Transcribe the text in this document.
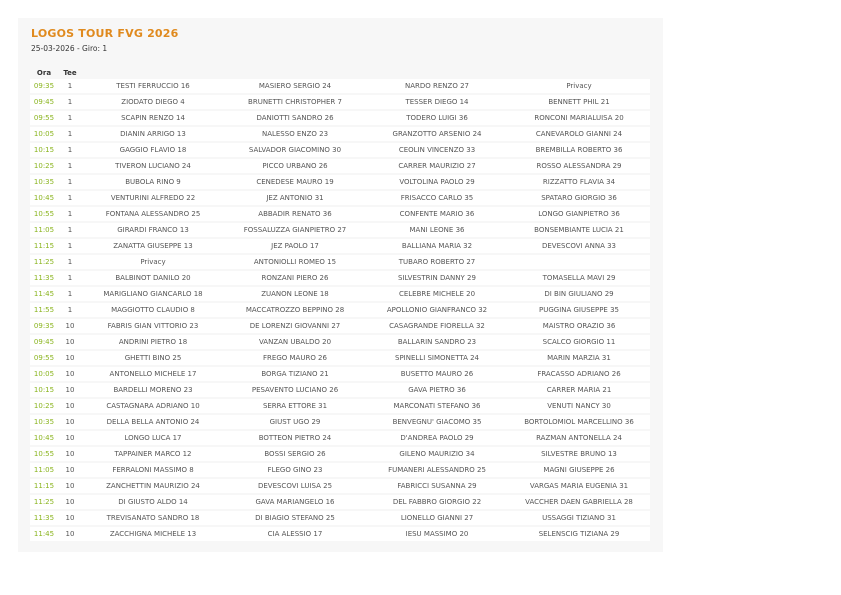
LOGOS TOUR FVG 2026
25-03-2026 - Giro: 1
Ora	Tee				
09:35	1	TESTI FERRUCCIO 16	MASIERO SERGIO 24	NARDO RENZO 27	Privacy
09:45	1	ZIODATO DIEGO 4	BRUNETTI CHRISTOPHER 7	TESSER DIEGO 14	BENNETT PHIL 21
09:55	1	SCAPIN RENZO 14	DANIOTTI SANDRO 26	TODERO LUIGI 36	RONCONI MARIALUISA 20
10:05	1	DIANIN ARRIGO 13	NALESSO ENZO 23	GRANZOTTO ARSENIO 24	CANEVAROLO GIANNI 24
10:15	1	GAGGIO FLAVIO 18	SALVADOR GIACOMINO 30	CEOLIN VINCENZO 33	BREMBILLA ROBERTO 36
10:25	1	TIVERON LUCIANO 24	PICCO URBANO 26	CARRER MAURIZIO 27	ROSSO ALESSANDRA 29
10:35	1	BUBOLA RINO 9	CENEDESE MAURO 19	VOLTOLINA PAOLO 29	RIZZATTO FLAVIA 34
10:45	1	VENTURINI ALFREDO 22	JEZ ANTONIO 31	FRISACCO CARLO 35	SPATARO GIORGIO 36
10:55	1	FONTANA ALESSANDRO 25	ABBADIR RENATO 36	CONFENTE MARIO 36	LONGO GIANPIETRO 36
11:05	1	GIRARDI FRANCO 13	FOSSALUZZA GIANPIETRO 27	MANI LEONE 36	BONSEMBIANTE LUCIA 21
11:15	1	ZANATTA GIUSEPPE 13	JEZ PAOLO 17	BALLIANA MARIA 32	DEVESCOVI ANNA 33
11:25	1	Privacy	ANTONIOLLI ROMEO 15	TUBARO ROBERTO 27	
11:35	1	BALBINOT DANILO 20	RONZANI PIERO 26	SILVESTRIN DANNY 29	TOMASELLA MAVI 29
11:45	1	MARIGLIANO GIANCARLO 18	ZUANON LEONE 18	CELEBRE MICHELE 20	DI BIN GIULIANO 29
11:55	1	MAGGIOTTO CLAUDIO 8	MACCATROZZO BEPPINO 28	APOLLONIO GIANFRANCO 32	PUGGINA GIUSEPPE 35
09:35	10	FABRIS GIAN VITTORIO 23	DE LORENZI GIOVANNI 27	CASAGRANDE FIORELLA 32	MAISTRO ORAZIO 36
09:45	10	ANDRINI PIETRO 18	VANZAN UBALDO 20	BALLARIN SANDRO 23	SCALCO GIORGIO 11
09:55	10	GHETTI BINO 25	FREGO MAURO 26	SPINELLI SIMONETTA 24	MARIN MARZIA 31
10:05	10	ANTONELLO MICHELE 17	BORGA TIZIANO 21	BUSETTO MAURO 26	FRACASSO ADRIANO 26
10:15	10	BARDELLI MORENO 23	PESAVENTO LUCIANO 26	GAVA PIETRO 36	CARRER MARIA 21
10:25	10	CASTAGNARA ADRIANO 10	SERRA ETTORE 31	MARCONATI STEFANO 36	VENUTI NANCY 30
10:35	10	DELLA BELLA ANTONIO 24	GIUST UGO 29	BENVEGNU' GIACOMO 35	BORTOLOMIOL MARCELLINO 36
10:45	10	LONGO LUCA 17	BOTTEON PIETRO 24	D'ANDREA PAOLO 29	RAZMAN ANTONELLA 24
10:55	10	TAPPAINER MARCO 12	BOSSI SERGIO 26	GILENO MAURIZIO 34	SILVESTRE BRUNO 13
11:05	10	FERRALONI MASSIMO 8	FLEGO GINO 23	FUMANERI ALESSANDRO 25	MAGNI GIUSEPPE 26
11:15	10	ZANCHETTIN MAURIZIO 24	DEVESCOVI LUISA 25	FABRICCI SUSANNA 29	VARGAS MARIA EUGENIA 31
11:25	10	DI GIUSTO ALDO 14	GAVA MARIANGELO 16	DEL FABBRO GIORGIO 22	VACCHER DAEN GABRIELLA 28
11:35	10	TREVISANATO SANDRO 18	DI BIAGIO STEFANO 25	LIONELLO GIANNI 27	USSAGGI TIZIANO 31
11:45	10	ZACCHIGNA MICHELE 13	CIA ALESSIO 17	IESU MASSIMO 20	SELENSCIG TIZIANA 29
